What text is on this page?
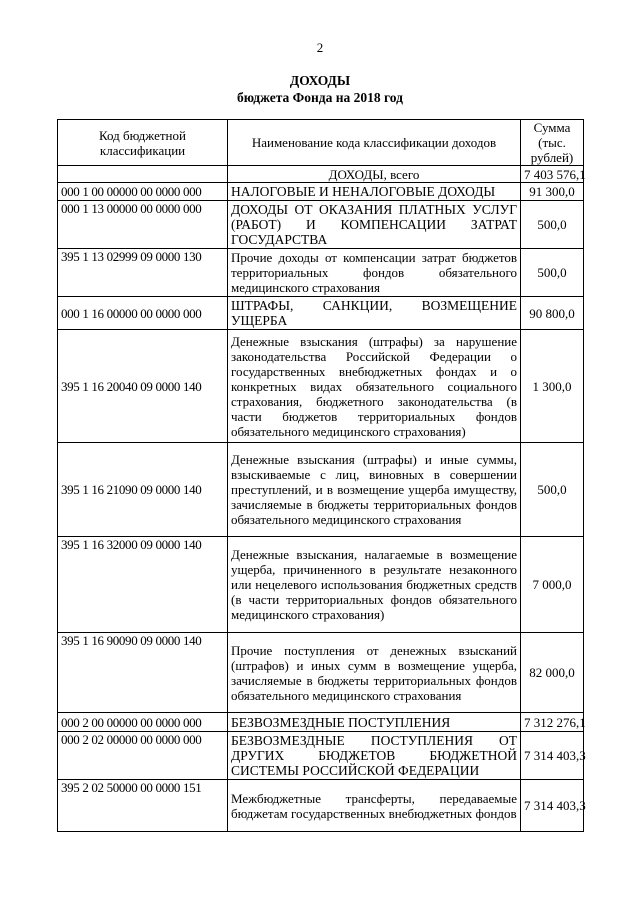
2
ДОХОДЫ
бюджета Фонда на 2018 год
Код бюджетной классификации	Наименование кода классификации доходов	Сумма (тыс. рублей)
	ДОХОДЫ, всего	7 403 576,1
000 1 00 00000 00 0000 000	НАЛОГОВЫЕ И НЕНАЛОГОВЫЕ ДОХОДЫ	91 300,0
000 1 13 00000 00 0000 000	ДОХОДЫ ОТ ОКАЗАНИЯ ПЛАТНЫХ УСЛУГ (РАБОТ) И КОМПЕНСАЦИИ ЗАТРАТ ГОСУДАРСТВА	500,0
395 1 13 02999 09 0000 130	Прочие доходы от компенсации затрат бюджетов территориальных фондов обязательного медицинского страхования	500,0
000 1 16 00000 00 0000 000	ШТРАФЫ, САНКЦИИ, ВОЗМЕЩЕНИЕ УЩЕРБА	90 800,0
395 1 16 20040 09 0000 140	Денежные взыскания (штрафы) за нарушение законодательства Российской Федерации о государственных внебюджетных фондах и о конкретных видах обязательного социального страхования, бюджетного законодательства (в части бюджетов территориальных фондов обязательного медицинского страхования)	1 300,0
395 1 16 21090 09 0000 140	Денежные взыскания (штрафы) и иные суммы, взыскиваемые с лиц, виновных в совершении преступлений, и в возмещение ущерба имуществу, зачисляемые в бюджеты территориальных фондов обязательного медицинского страхования	500,0
395 1 16 32000 09 0000 140	Денежные взыскания, налагаемые в возмещение ущерба, причиненного в результате незаконного или нецелевого использования бюджетных средств (в части территориальных фондов обязательного медицинского страхования)	7 000,0
395 1 16 90090 09 0000 140	Прочие поступления от денежных взысканий (штрафов) и иных сумм в возмещение ущерба, зачисляемые в бюджеты территориальных фондов обязательного медицинского страхования	82 000,0
000 2 00 00000 00 0000 000	БЕЗВОЗМЕЗДНЫЕ ПОСТУПЛЕНИЯ	7 312 276,1
000 2 02 00000 00 0000 000	БЕЗВОЗМЕЗДНЫЕ ПОСТУПЛЕНИЯ ОТ ДРУГИХ БЮДЖЕТОВ БЮДЖЕТНОЙ СИСТЕМЫ РОССИЙСКОЙ ФЕДЕРАЦИИ	7 314 403,3
395 2 02 50000 00 0000 151	Межбюджетные трансферты, передаваемые бюджетам государственных внебюджетных фондов	7 314 403,3
